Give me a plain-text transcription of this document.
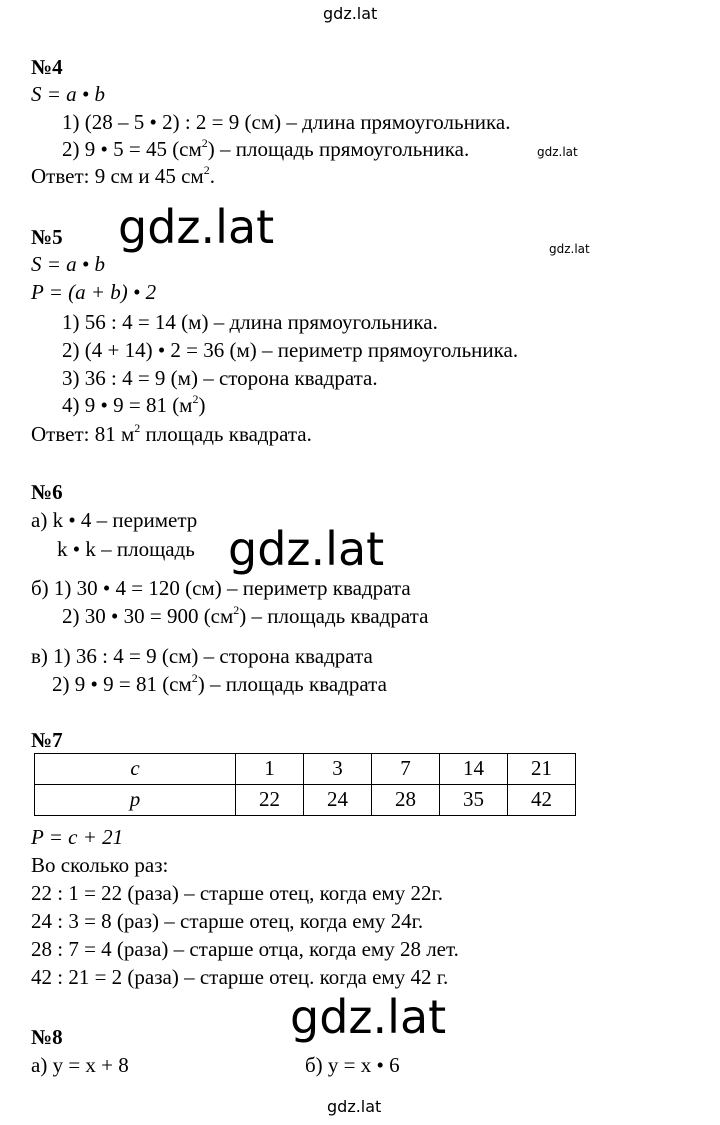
gdz.lat
gdz.lat
№4
S = a • b
1) (28 – 5 • 2) : 2 = 9 (см) – длина прямоугольника.
2) 9 • 5 = 45 $(см^2)$ – площадь прямоугольника.	gdz.lat
Ответ: 9 см и 45 $см^2$.
gdz.lat	gdz.lat
№5
S = a • b
P = (a + b) • 2
1) 56 : 4 = 14 (м) – длина прямоугольника.
2) (4 + 14) • 2 = 36 (м) – периметр прямоугольника.
3) 36 : 4 = 9 (м) – сторона квадрата.
4) 9 • 9 = 81 $(м^2)$
Ответ: 81 $м^2$ площадь квадрата.
№6
а) k • 4 – периметр
k • k – площадь gdz.lat
б) 1) 30 • 4 = 120 (см) – периметр квадрата
2) 30 • 30 = 900 $(см^2)$ – площадь квадрата
в) 1) 36 : 4 = 9 (см) – сторона квадрата
2) 9 • 9 = 81 $(см^2)$ – площадь квадрата
№7
c	1	3	7	14	21
p	22	24	28	35	42
P = c + 21
Во сколько раз:
22 : 1 = 22 (раза) – старше отец, когда ему 22г.
24 : 3 = 8 (раз) – старше отец, когда ему 24г.
28 : 7 = 4 (раза) – старше отца, когда ему 28 лет.
42 : 21 = 2 (раза) – старше отец. когда ему 42 г.
gdz.lat
№8
а) y = x + 8	б) y = x • 6
